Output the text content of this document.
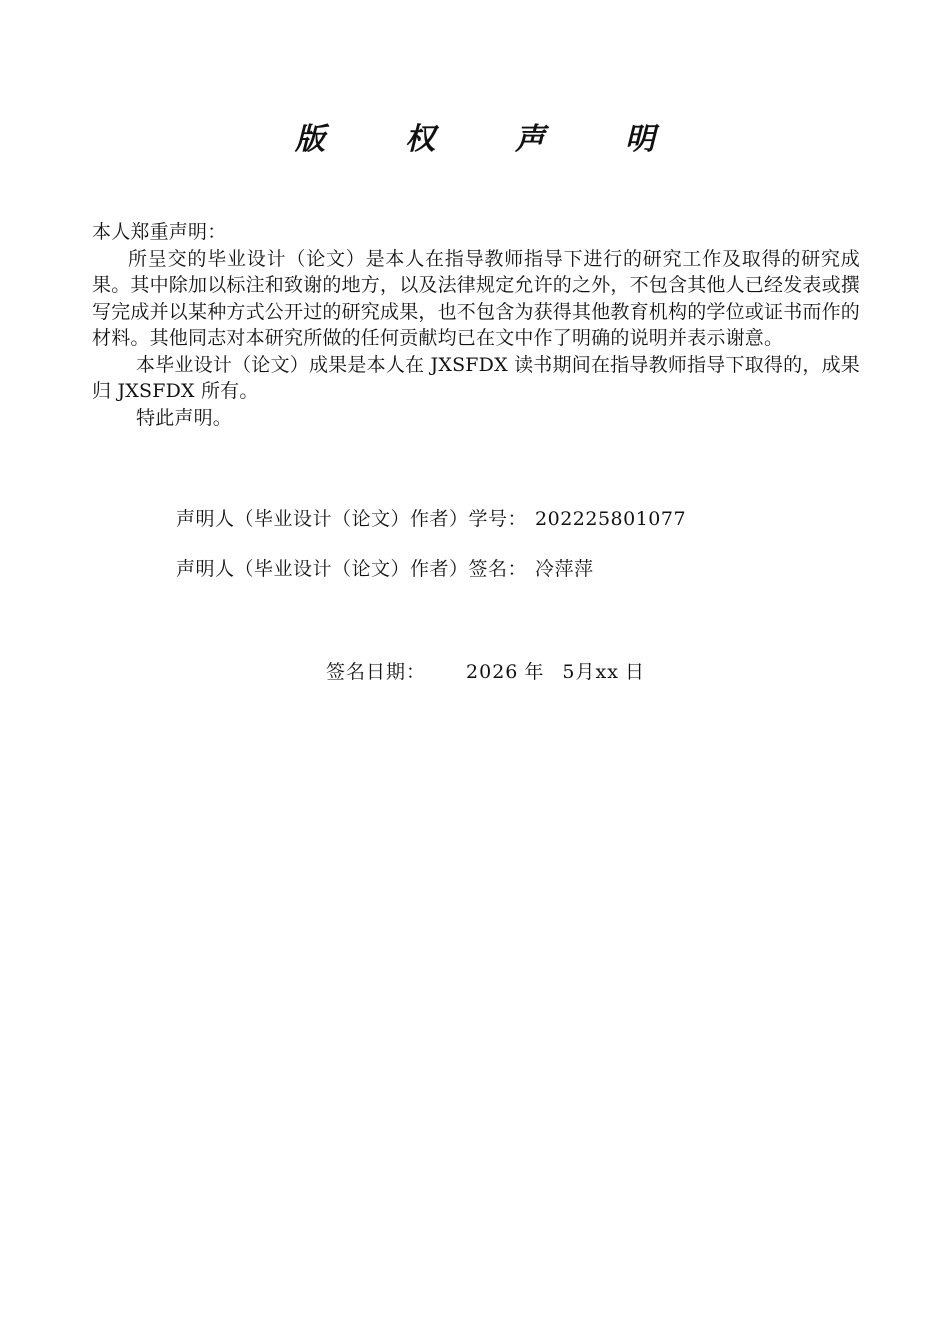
版	权	声	明

本人郑重声明：

所呈交的毕业设计（论文）是本人在指导教师指导下进行的研究工作及取得的研究成果。其中除加以标注和致谢的地方，以及法律规定允许的之外，不包含其他人已经发表或撰写完成并以某种方式公开过的研究成果，也不包含为获得其他教育机构的学位或证书而作的材料。其他同志对本研究所做的任何贡献均已在文中作了明确的说明并表示谢意。

本毕业设计（论文）成果是本人在 JXSFDX 读书期间在指导教师指导下取得的，成果归 JXSFDX 所有。

特此声明。

声明人（毕业设计（论文）作者）学号： 202225801077
声明人（毕业设计（论文）作者）签名： 冷萍萍
签名日期： 2026 年 5月xx 日
